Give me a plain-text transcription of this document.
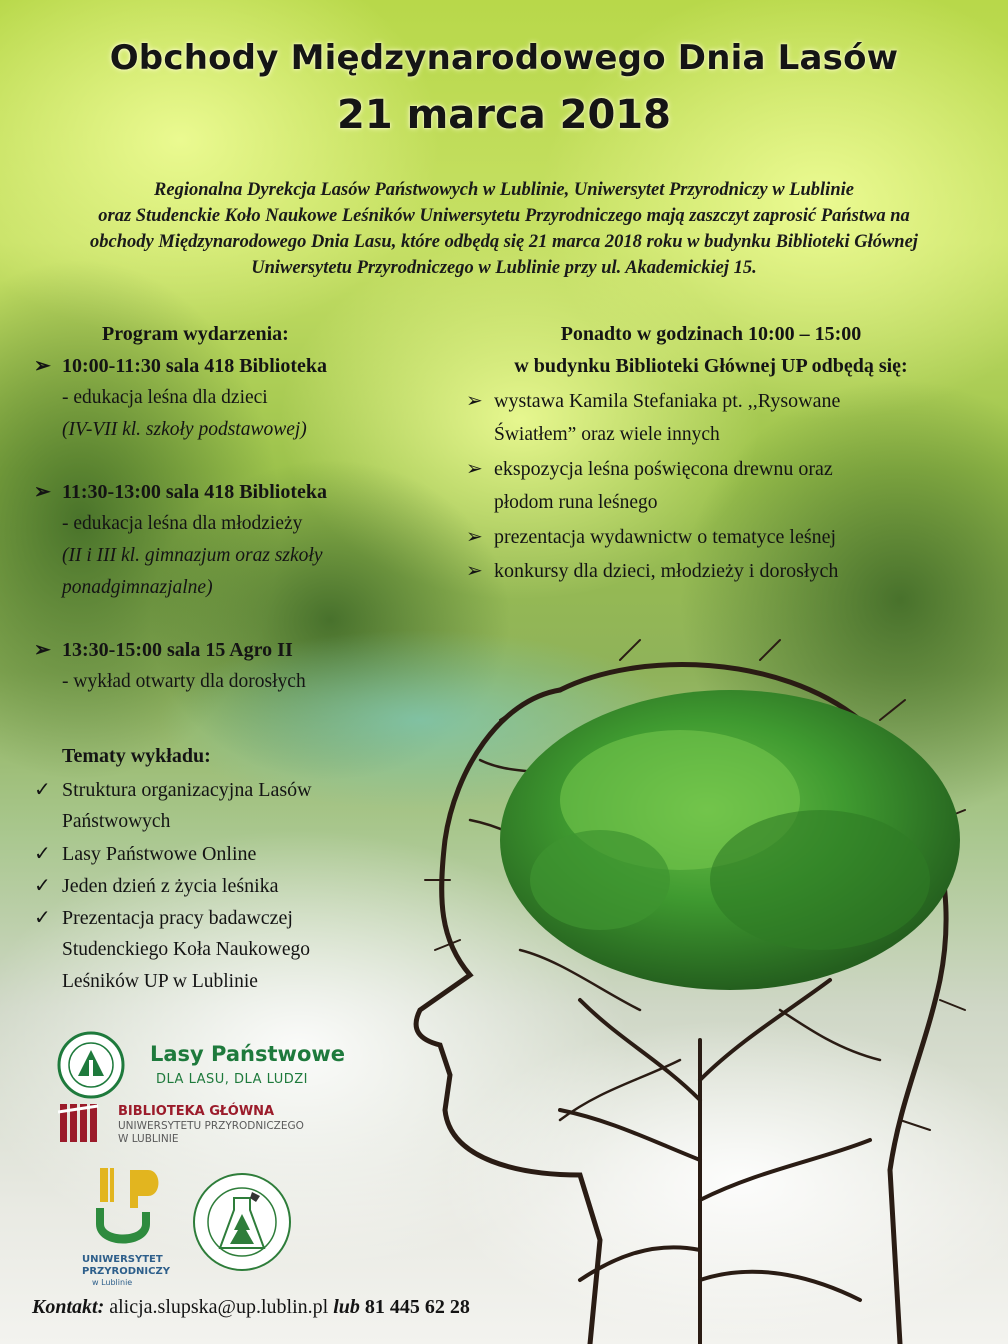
Obchody Międzynarodowego Dnia Lasów
21 marca 2018
Regionalna Dyrekcja Lasów Państwowych w Lublinie, Uniwersytet Przyrodniczy w Lublinie
oraz Studenckie Koło Naukowe Leśników Uniwersytetu Przyrodniczego mają zaszczyt zaprosić Państwa na
obchody Międzynarodowego Dnia Lasu, które odbędą się 21 marca 2018 roku w budynku Biblioteki Głównej
Uniwersytetu Przyrodniczego w Lublinie przy ul. Akademickiej 15.
Program wydarzenia:
➢ 10:00-11:30 sala 418 Biblioteka
- edukacja leśna dla dzieci
(IV-VII kl. szkoły podstawowej)
➢ 11:30-13:00 sala 418 Biblioteka
- edukacja leśna dla młodzieży
(II i III kl. gimnazjum oraz szkoły
ponadgimnazjalne)
➢ 13:30-15:00 sala 15 Agro II
- wykład otwarty dla dorosłych
Tematy wykładu:
✓ Struktura organizacyjna Lasów
Państwowych
✓ Lasy Państwowe Online
✓ Jeden dzień z życia leśnika
✓ Prezentacja pracy badawczej
Studenckiego Koła Naukowego
Leśników UP w Lublinie
Ponadto w godzinach 10:00 – 15:00
w budynku Biblioteki Głównej UP odbędą się:
➢ wystawa Kamila Stefaniaka pt. ,,Rysowane
Światłem” oraz wiele innych
➢ ekspozycja leśna poświęcona drewnu oraz
płodom runa leśnego
➢ prezentacja wydawnictw o tematyce leśnej
➢ konkursy dla dzieci, młodzieży i dorosłych
Lasy Państwowe
DLA LASU, DLA LUDZI
BIBLIOTEKA GŁÓWNA
UNIWERSYTETU PRZYRODNICZEGO
W LUBLINIE
UNIWERSYTET
PRZYRODNICZY
w Lublinie
Kontakt: alicja.slupska@up.lublin.pl lub 81 445 62 28
